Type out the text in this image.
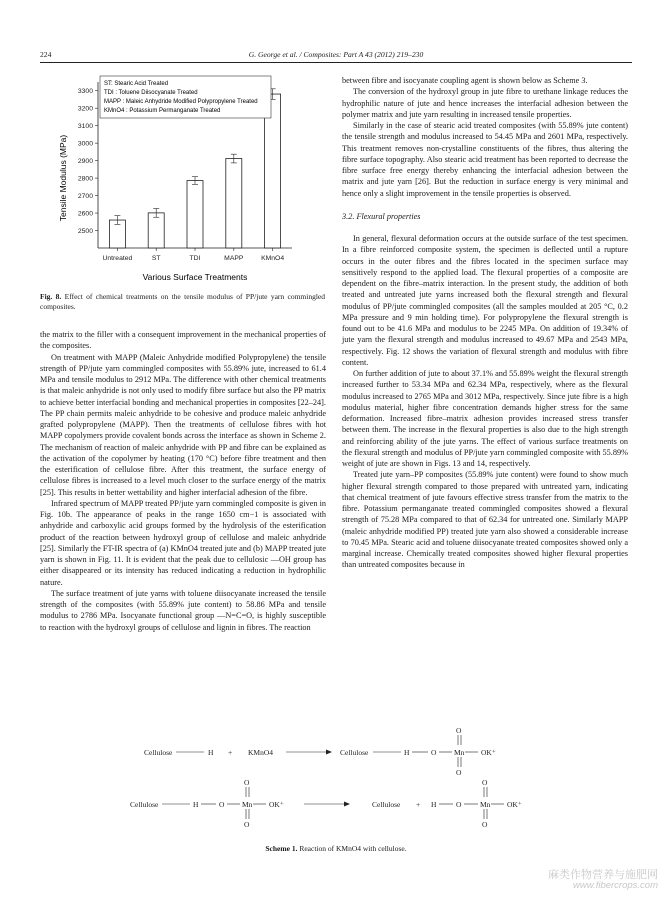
224	G. George et al. / Composites: Part A 43 (2012) 219–230
2500
2600
2700
2800
2900
3000
3100
3200
3300
Untreated	ST	TDI	MAPP	KMnO4
ST: Stearic Acid Treated
TDI : Toluene Diisocyanate Treated
MAPP : Maleic Anhydride Modified Polypropylene Treated
KMnO4 : Potassium Permanganate Treated
Tensile Modulus (MPa)
Various Surface Treatments
Fig. 8. Effect of chemical treatments on the tensile modulus of PP/jute yarn commingled composites.

the matrix to the filler with a consequent improvement in the mechanical properties of the composites.

On treatment with MAPP (Maleic Anhydride modified Polypropylene) the tensile strength of PP/jute yarn commingled composites with 55.89% jute, increased to 61.4 MPa and tensile modulus to 2912 MPa. The difference with other chemical treatments is that maleic anhydride is not only used to modify fibre surface but also the PP matrix to achieve better interfacial bonding and mechanical properties in composites [22–24]. The PP chain permits maleic anhydride to be cohesive and produce maleic anhydride grafted polypropylene (MAPP). Then the treatments of cellulose fibres with hot MAPP copolymers provide covalent bonds across the interface as shown in Scheme 2. The mechanism of reaction of maleic anhydride with PP and fibre can be explained as the activation of the copolymer by heating (170 °C) before fibre treatment and then the esterification of cellulose fibre. After this treatment, the surface energy of cellulose fibres is increased to a level much closer to the surface energy of the matrix [25]. This results in better wettability and higher interfacial adhesion of the fibre.

Infrared spectrum of MAPP treated PP/jute yarn commingled composite is given in Fig. 10b. The appearance of peaks in the range 1650 cm−1 is associated with anhydride and carboxylic acid groups formed by the hydrolysis of the esterification product of the reaction between hydroxyl group of cellulose and maleic anhydride [25]. Similarly the FT-IR spectra of (a) KMnO4 treated jute and (b) MAPP treated jute yarn is shown in Fig. 11. It is evident that the peak due to cellulosic —OH group has either disappeared or its intensity has reduced indicating a reduction in hydrophilic nature.

The surface treatment of jute yarns with toluene diisocyanate increased the tensile strength of the composites (with 55.89% jute content) to 58.86 MPa and tensile modulus to 2786 MPa. Isocyanate functional group —N=C=O, is highly susceptible to reaction with the hydroxyl groups of cellulose and lignin in fibres. The reaction

between fibre and isocyanate coupling agent is shown below as Scheme 3.

The conversion of the hydroxyl group in jute fibre to urethane linkage reduces the hydrophilic nature of jute and hence increases the interfacial adhesion between the polymer matrix and jute yarn resulting in increased tensile properties.

Similarly in the case of stearic acid treated composites (with 55.89% jute content) the tensile strength and modulus increased to 54.45 MPa and 2601 MPa, respectively. This treatment removes non-crystalline constituents of the fibres, thus altering the fibre surface topography. Also stearic acid treatment has been reported to decrease the fibre surface free energy thereby enhancing the interfacial adhesion between the matrix and jute yarn [26]. But the reduction in surface energy is very minimal and hence only a slight improvement in the tensile properties is observed.

3.2. Flexural properties

In general, flexural deformation occurs at the outside surface of the test specimen. In a fibre reinforced composite system, the specimen is deflected until a rupture occurs in the outer fibres and the fibres located in the specimen surface may sensitively respond to the applied load. The flexural properties of a composite are dependent on the fibre–matrix interaction. In the present study, the addition of both treated and untreated jute yarns increased both the flexural strength and flexural modulus of PP/jute commingled composites (all the samples moulded at 205 °C, 0.2 MPa pressure and 9 min holding time). For polypropylene the flexural strength is found out to be 41.6 MPa and modulus to be 2245 MPa. On addition of 19.34% of jute yarn the flexural strength and modulus increased to 49.67 MPa and 2543 MPa, respectively. Fig. 12 shows the variation of flexural strength and modulus with fibre content.

On further addition of jute to about 37.1% and 55.89% weight the flexural strength increased further to 53.34 MPa and 62.34 MPa, respectively, where as the flexural modulus increased to 2765 MPa and 3012 MPa, respectively. Since jute fibre is a high modulus material, higher fibre concentration demands higher stress for the same deformation. Increased fibre–matrix adhesion provides increased stress transfer between them. The increase in the flexural properties is also due to the high strength and reinforcing ability of the jute yarns. The effect of various surface treatments on the flexural strength and modulus of PP/jute yarn commingled composite with 55.89% weight of jute are shown in Figs. 13 and 14, respectively.

Treated jute yarn–PP composites (55.89% jute content) were found to show much higher flexural strength compared to those prepared with untreated yarn, indicating that chemical treatment of jute favours effective stress transfer from the matrix to the fibre. Potassium permanganate treated commingled composites showed a flexural strength of 75.28 MPa compared to that of 62.34 for untreated one. Similarly MAPP (maleic anhydride modified PP) treated jute yarn also showed a considerable increase to 70.45 MPa. Stearic acid and toluene diisocyanate treated composites showed only a marginal increase. Chemically treated composites showed higher flexural properties than untreated composites because in

Cellulose	H + KMnO4	Cellulose	H	O Mn OK⁺
O
O
Cellulose	H	O Mn OK⁺
O
O
Cellulose + H	O Mn OK⁺
O
O
Scheme 1. Reaction of KMnO4 with cellulose.
麻类作物营养与施肥网
www.fibercrops.com
